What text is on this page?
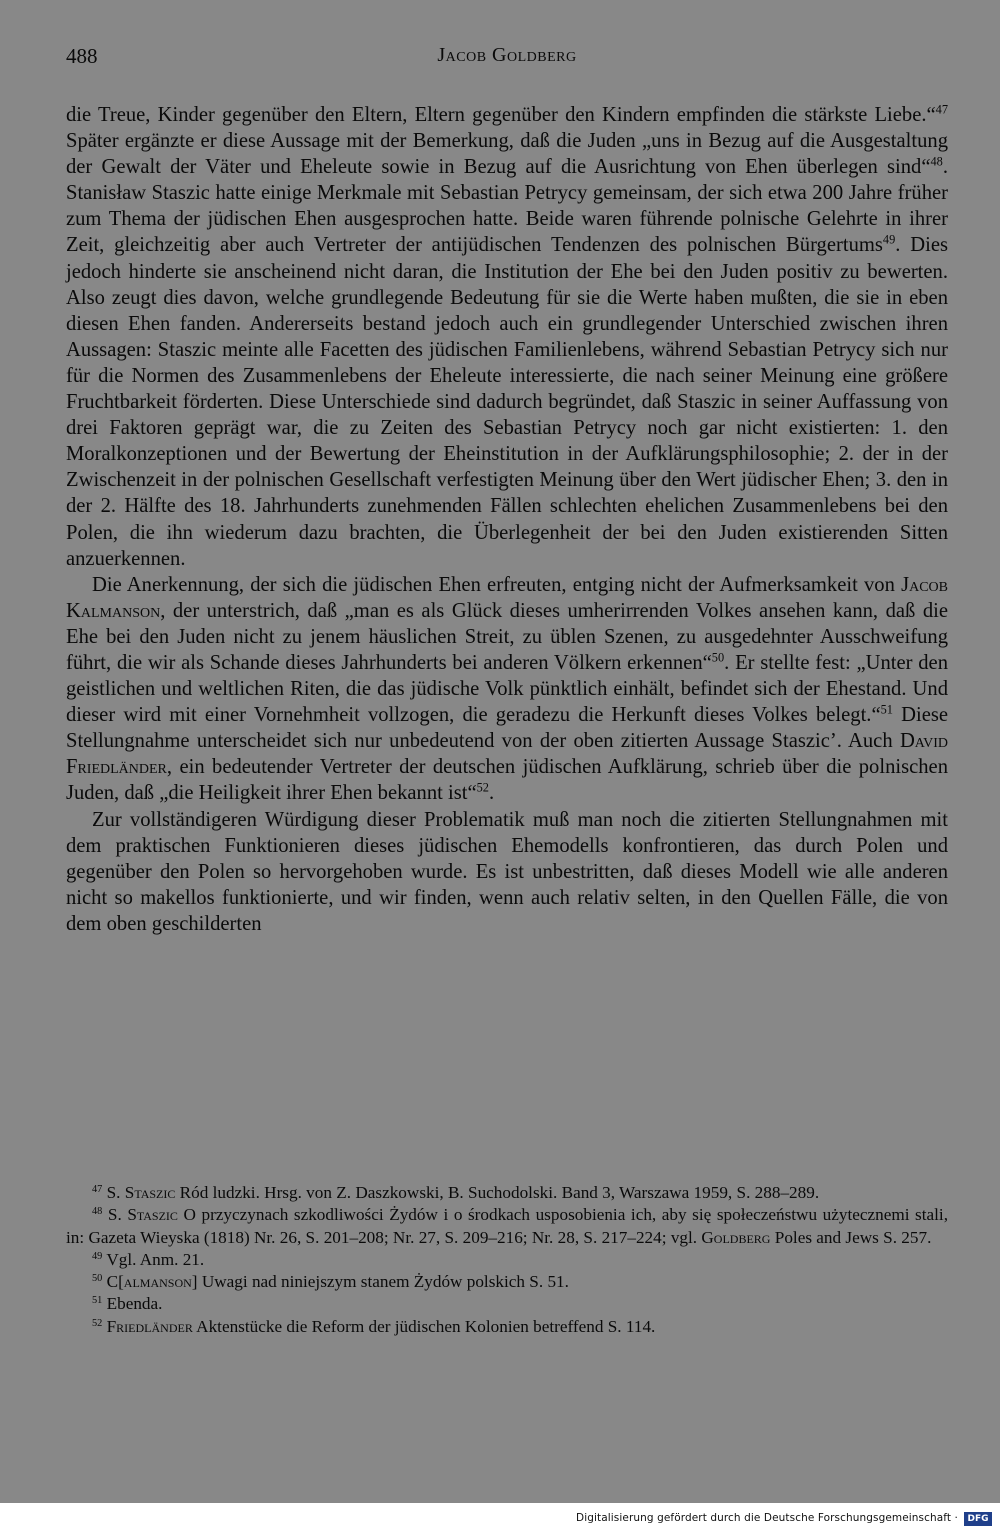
488	Jacob Goldberg

die Treue, Kinder gegenüber den Eltern, Eltern gegenüber den Kindern empfinden die stärkste Liebe.“$^{47}$ Später ergänzte er diese Aussage mit der Bemerkung, daß die Juden „uns in Bezug auf die Ausgestaltung der Gewalt der Väter und Eheleute sowie in Bezug auf die Ausrichtung von Ehen überlegen sind“$^{48}$. Stanisław Staszic hatte einige Merkmale mit Sebastian Petrycy gemeinsam, der sich etwa 200 Jahre früher zum Thema der jüdischen Ehen ausgesprochen hatte. Beide waren führende polnische Gelehrte in ihrer Zeit, gleichzeitig aber auch Vertreter der antijüdischen Tendenzen des polnischen Bürgertums$^{49}$. Dies jedoch hinderte sie anscheinend nicht daran, die Institution der Ehe bei den Juden positiv zu bewerten. Also zeugt dies davon, welche grundlegende Bedeutung für sie die Werte haben mußten, die sie in eben diesen Ehen fanden. Andererseits bestand jedoch auch ein grundlegender Unterschied zwischen ihren Aussagen: Staszic meinte alle Facetten des jüdischen Familienlebens, während Sebastian Petrycy sich nur für die Normen des Zusammenlebens der Eheleute interessierte, die nach seiner Meinung eine größere Fruchtbarkeit förderten. Diese Unterschiede sind dadurch begründet, daß Staszic in seiner Auffassung von drei Faktoren geprägt war, die zu Zeiten des Sebastian Petrycy noch gar nicht existierten: 1. den Moralkonzeptionen und der Bewertung der Eheinstitution in der Aufklärungsphilosophie; 2. der in der Zwischenzeit in der polnischen Gesellschaft verfestigten Meinung über den Wert jüdischer Ehen; 3. den in der 2. Hälfte des 18. Jahrhunderts zunehmenden Fällen schlechten ehelichen Zusammenlebens bei den Polen, die ihn wiederum dazu brachten, die Überlegenheit der bei den Juden existierenden Sitten anzuerkennen.

Die Anerkennung, der sich die jüdischen Ehen erfreuten, entging nicht der Aufmerksamkeit von Jacob Kalmanson, der unterstrich, daß „man es als Glück dieses umherirrenden Volkes ansehen kann, daß die Ehe bei den Juden nicht zu jenem häuslichen Streit, zu üblen Szenen, zu ausgedehnter Ausschweifung führt, die wir als Schande dieses Jahrhunderts bei anderen Völkern erkennen“$^{50}$. Er stellte fest: „Unter den geistlichen und weltlichen Riten, die das jüdische Volk pünktlich einhält, befindet sich der Ehestand. Und dieser wird mit einer Vornehmheit vollzogen, die geradezu die Herkunft dieses Volkes belegt.“$^{51}$ Diese Stellungnahme unterscheidet sich nur unbedeutend von der oben zitierten Aussage Staszic’. Auch David Friedländer, ein bedeutender Vertreter der deutschen jüdischen Aufklärung, schrieb über die polnischen Juden, daß „die Heiligkeit ihrer Ehen bekannt ist“$^{52}$.

Zur vollständigeren Würdigung dieser Problematik muß man noch die zitierten Stellungnahmen mit dem praktischen Funktionieren dieses jüdischen Ehemodells konfrontieren, das durch Polen und gegenüber den Polen so hervorgehoben wurde. Es ist unbestritten, daß dieses Modell wie alle anderen nicht so makellos funktionierte, und wir finden, wenn auch relativ selten, in den Quellen Fälle, die von dem oben geschilderten

$^{47}$ S. Staszic Ród ludzki. Hrsg. von Z. Daszkowski, B. Suchodolski. Band 3, Warszawa 1959, S. 288–289.

$^{48}$ S. Staszic O przyczynach szkodliwości Żydów i o środkach usposobienia ich, aby się społeczeństwu użytecznemi stali, in: Gazeta Wieyska (1818) Nr. 26, S. 201–208; Nr. 27, S. 209–216; Nr. 28, S. 217–224; vgl. Goldberg Poles and Jews S. 257.

$^{49}$ Vgl. Anm. 21.

$^{50}$ C[almanson] Uwagi nad niniejszym stanem Żydów polskich S. 51.

$^{51}$ Ebenda.

$^{52}$ Friedländer Aktenstücke die Reform der jüdischen Kolonien betreffend S. 114.

Digitalisierung gefördert durch die Deutsche Forschungsgemeinschaft ·	DFG
